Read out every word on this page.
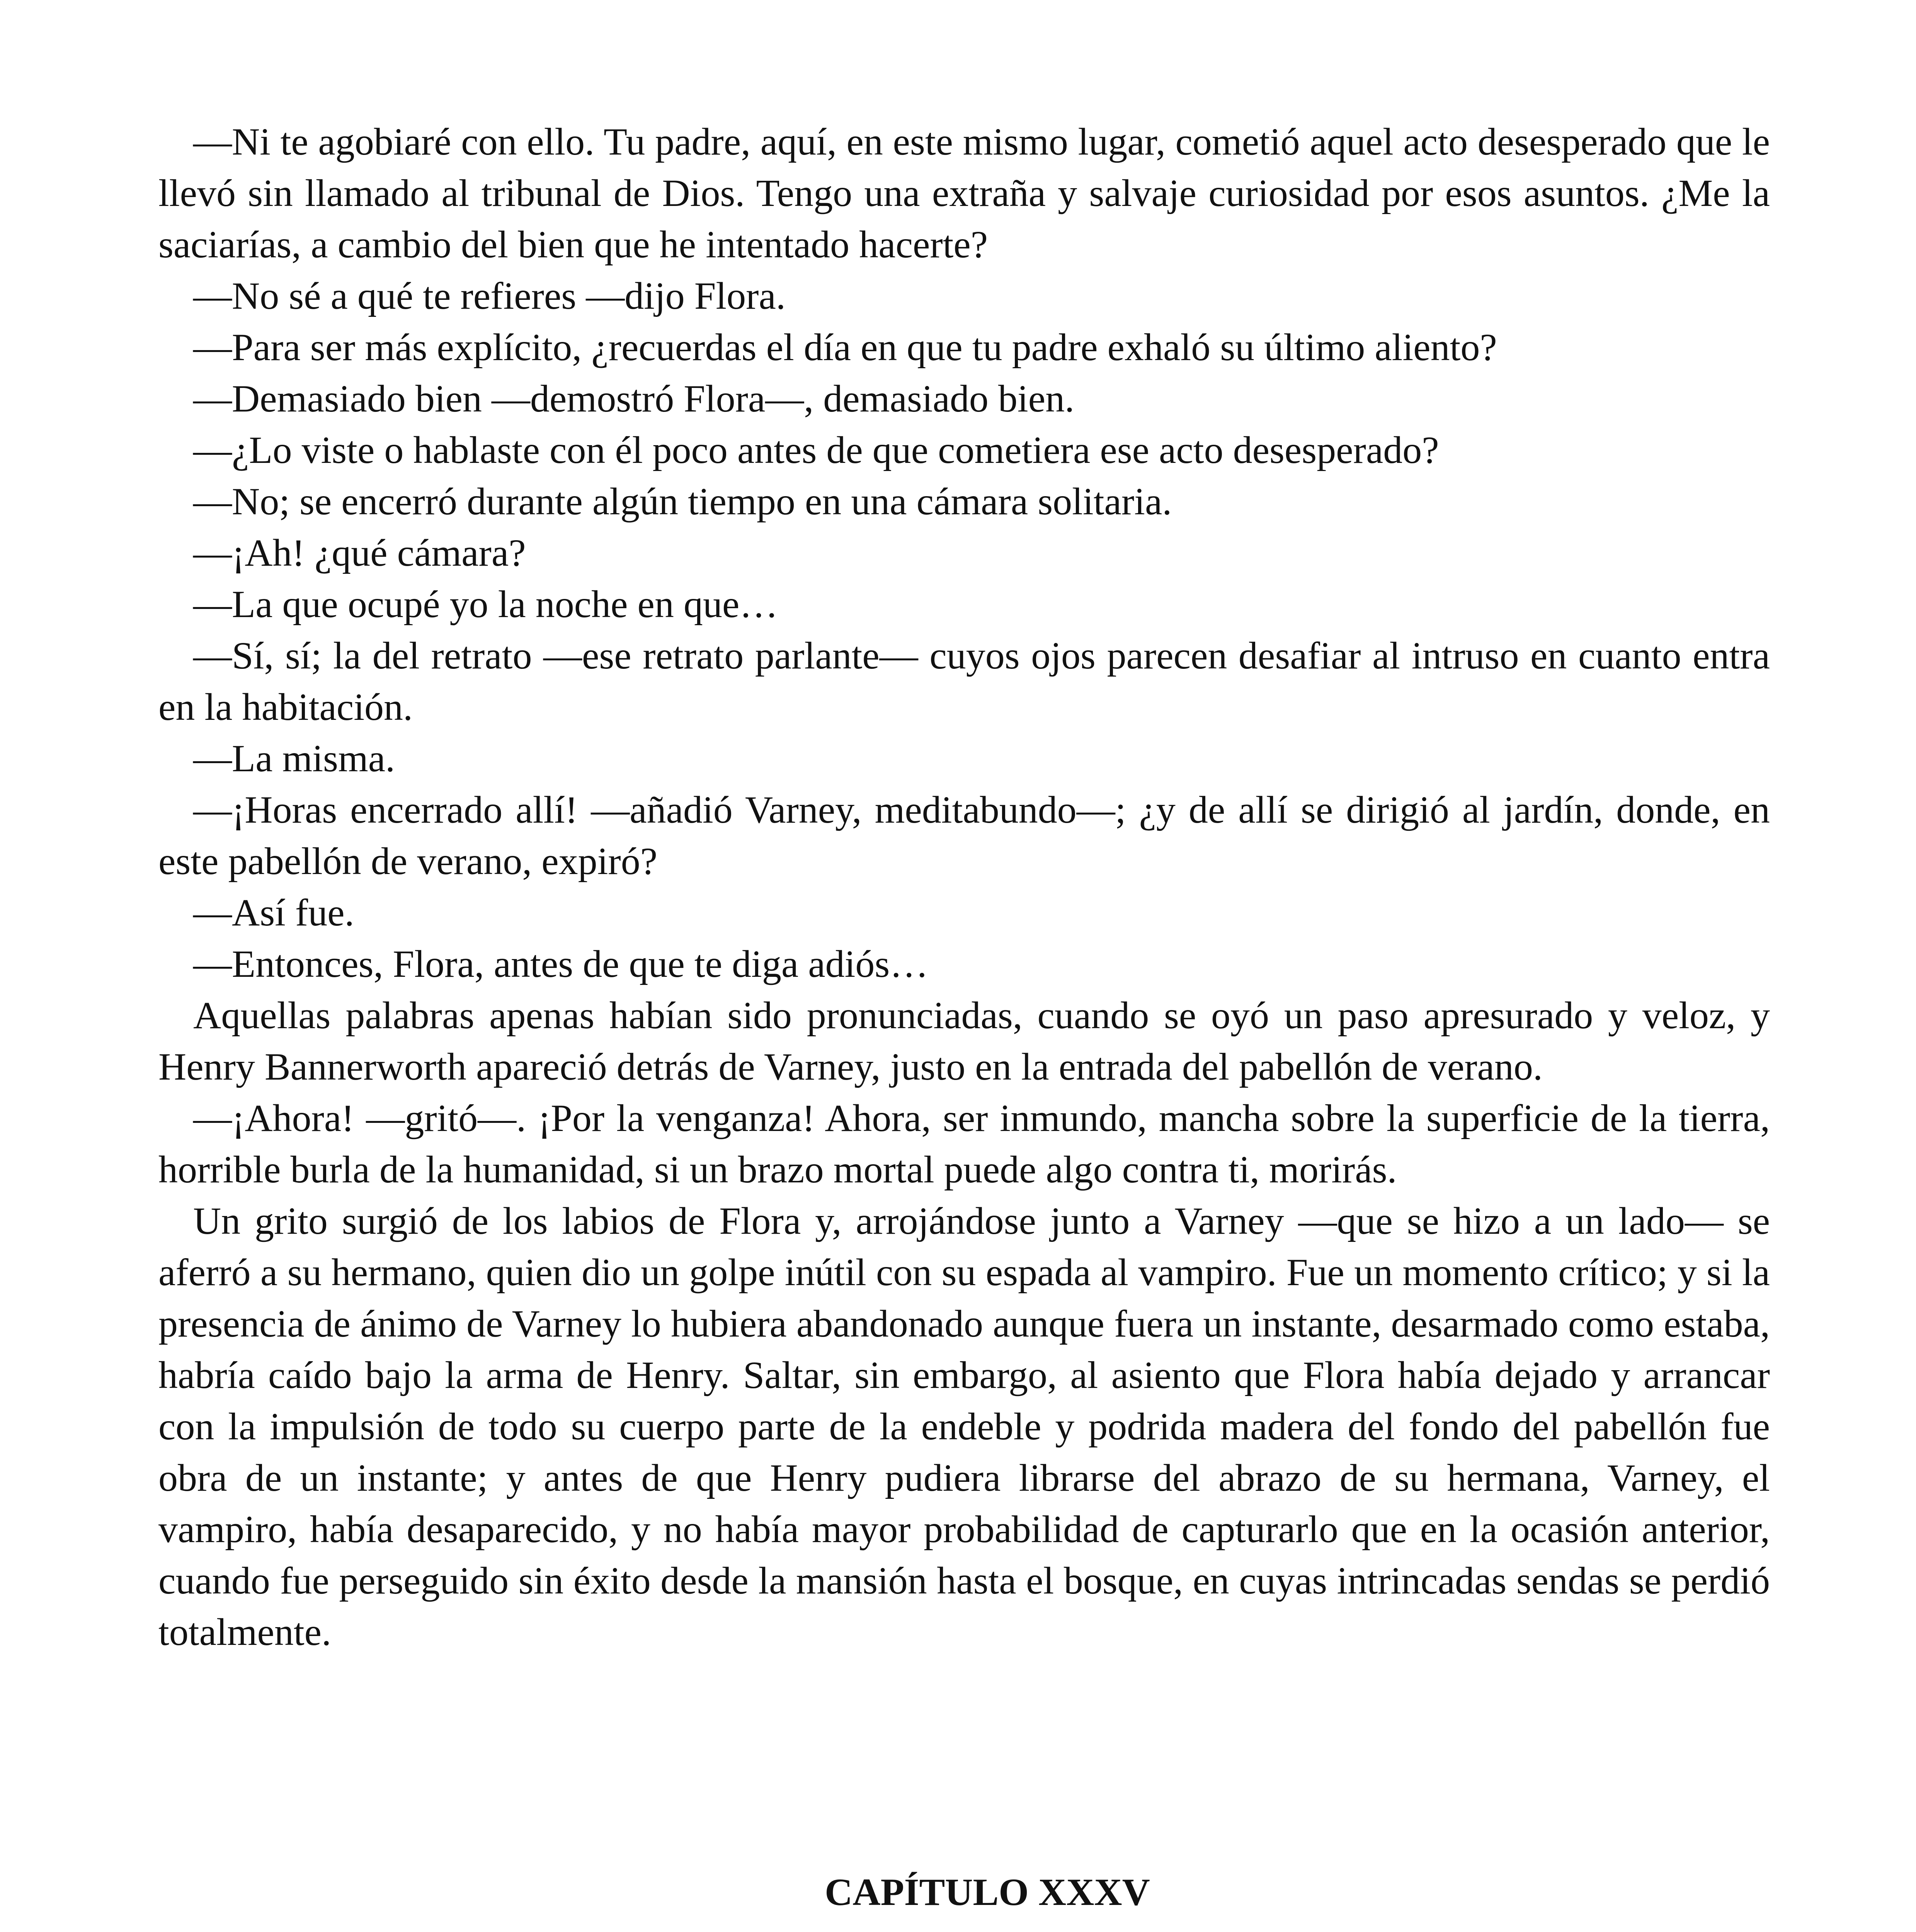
—Ni te agobiaré con ello. Tu padre, aquí, en este mismo lugar, cometió aquel acto desesperado que le llevó sin llamado al tribunal de Dios. Tengo una extraña y salvaje curiosidad por esos asuntos. ¿Me la saciarías, a cambio del bien que he intentado hacerte?

—No sé a qué te refieres —dijo Flora.

—Para ser más explícito, ¿recuerdas el día en que tu padre exhaló su último aliento?

—Demasiado bien —demostró Flora—, demasiado bien.

—¿Lo viste o hablaste con él poco antes de que cometiera ese acto desesperado?

—No; se encerró durante algún tiempo en una cámara solitaria.

—¡Ah! ¿qué cámara?

—La que ocupé yo la noche en que…

—Sí, sí; la del retrato —ese retrato parlante— cuyos ojos parecen desafiar al intruso en cuanto entra en la habitación.

—La misma.

—¡Horas encerrado allí! —añadió Varney, meditabundo—; ¿y de allí se dirigió al jardín, donde, en este pabellón de verano, expiró?

—Así fue.

—Entonces, Flora, antes de que te diga adiós…

Aquellas palabras apenas habían sido pronunciadas, cuando se oyó un paso apresurado y veloz, y Henry Bannerworth apareció detrás de Varney, justo en la entrada del pabellón de verano.

—¡Ahora! —gritó—. ¡Por la venganza! Ahora, ser inmundo, mancha sobre la superficie de la tierra, horrible burla de la humanidad, si un brazo mortal puede algo contra ti, morirás.

Un grito surgió de los labios de Flora y, arrojándose junto a Varney —que se hizo a un lado— se aferró a su hermano, quien dio un golpe inútil con su espada al vampiro. Fue un momento crítico; y si la presencia de ánimo de Varney lo hubiera abandonado aunque fuera un instante, desarmado como estaba, habría caído bajo la arma de Henry. Saltar, sin embargo, al asiento que Flora había dejado y arrancar con la impulsión de todo su cuerpo parte de la endeble y podrida madera del fondo del pabellón fue obra de un instante; y antes de que Henry pudiera librarse del abrazo de su hermana, Varney, el vampiro, había desaparecido, y no había mayor probabilidad de capturarlo que en la ocasión anterior, cuando fue perseguido sin éxito desde la mansión hasta el bosque, en cuyas intrincadas sendas se perdió totalmente.

CAPÍTULO XXXV
